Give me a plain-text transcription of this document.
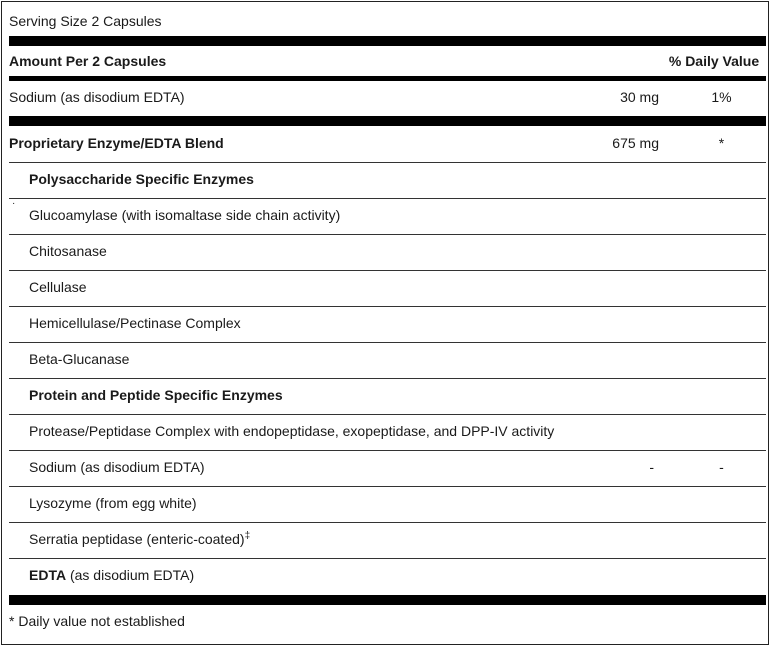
Serving Size 2 Capsules
Amount Per 2 Capsules	% Daily Value
Sodium (as disodium EDTA)	30 mg	1%
Proprietary Enzyme/EDTA Blend	675 mg	*
Polysaccharide Specific Enzymes
·
Glucoamylase (with isomaltase side chain activity)
Chitosanase
Cellulase
Hemicellulase/Pectinase Complex
Beta-Glucanase
Protein and Peptide Specific Enzymes
Protease/Peptidase Complex with endopeptidase, exopeptidase, and DPP-IV activity
Sodium (as disodium EDTA)	-	-
Lysozyme (from egg white)
Serratia peptidase (enteric-coated)‡
EDTA (as disodium EDTA)
* Daily value not established
